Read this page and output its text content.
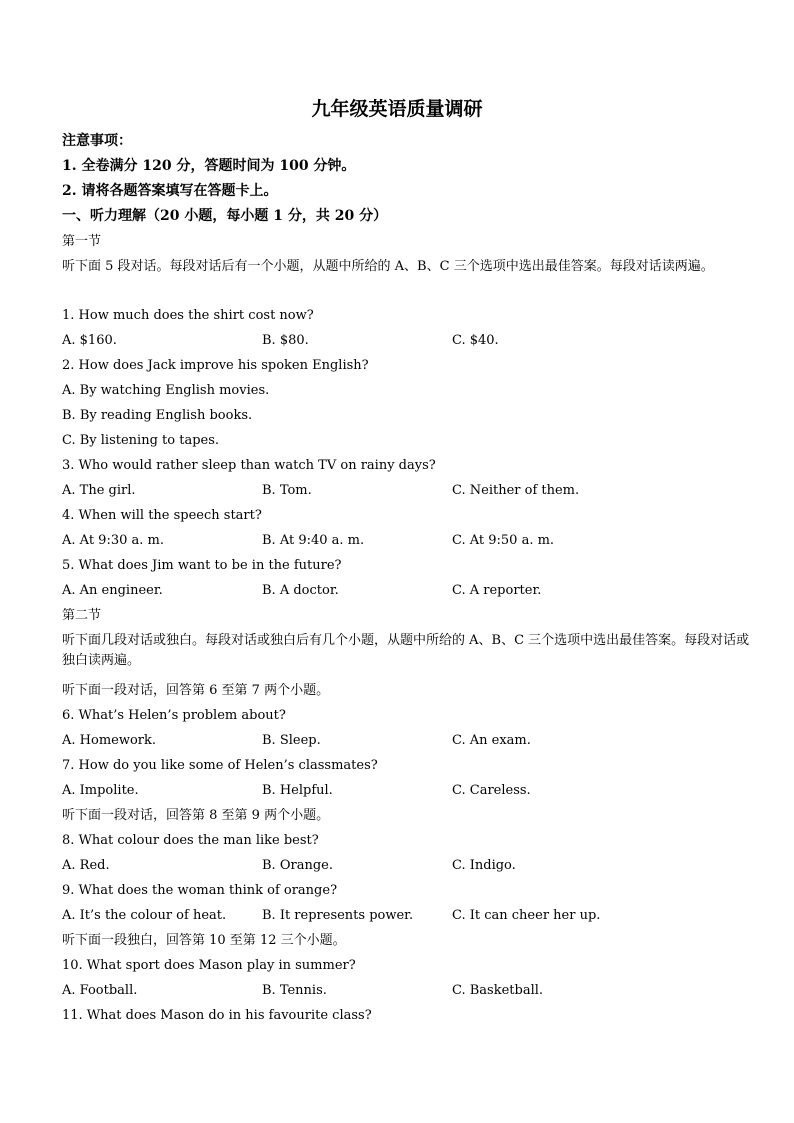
九年级英语质量调研
注意事项：
1. 全卷满分 120 分，答题时间为 100 分钟。
2. 请将各题答案填写在答题卡上。
一、听力理解（20 小题，每小题 1 分，共 20 分）
第一节
听下面 5 段对话。每段对话后有一个小题，从题中所给的 A、B、C 三个选项中选出最佳答案。每段对话读两遍。
1. How much does the shirt cost now?
A. $160.	B. $80.	C. $40.
2. How does Jack improve his spoken English?
A. By watching English movies.
B. By reading English books.
C. By listening to tapes.
3. Who would rather sleep than watch TV on rainy days?
A. The girl.	B. Tom.	C. Neither of them.
4. When will the speech start?
A. At 9:30 a. m.	B. At 9:40 a. m.	C. At 9:50 a. m.
5. What does Jim want to be in the future?
A. An engineer.	B. A doctor.	C. A reporter.
第二节
听下面几段对话或独白。每段对话或独白后有几个小题，从题中所给的 A、B、C 三个选项中选出最佳答案。每段对话或独白读两遍。
听下面一段对话，回答第 6 至第 7 两个小题。
6. What’s Helen’s problem about?
A. Homework.	B. Sleep.	C. An exam.
7. How do you like some of Helen’s classmates?
A. Impolite.	B. Helpful.	C. Careless.
听下面一段对话，回答第 8 至第 9 两个小题。
8. What colour does the man like best?
A. Red.	B. Orange.	C. Indigo.
9. What does the woman think of orange?
A. It’s the colour of heat.	B. It represents power.	C. It can cheer her up.
听下面一段独白，回答第 10 至第 12 三个小题。
10. What sport does Mason play in summer?
A. Football.	B. Tennis.	C. Basketball.
11. What does Mason do in his favourite class?
